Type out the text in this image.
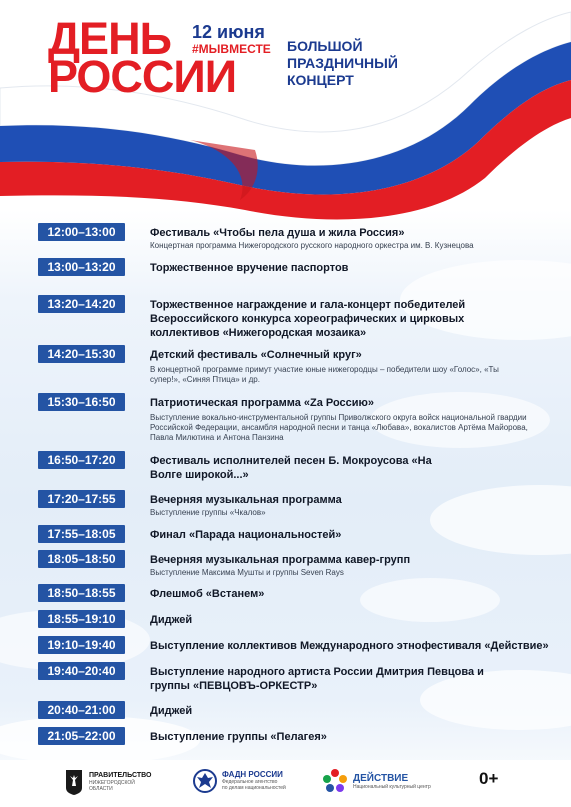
ДЕНЬ
РОССИИ
12 июня
#МЫВМЕСТЕ БОЛЬШОЙ
ПРАЗДНИЧНЫЙ
КОНЦЕРТ
12:00–13:00	Фестиваль «Чтобы пела душа и жила Россия»
Концертная программа Нижегородского русского народного оркестра им. В. Кузнецова
13:00–13:20	Торжественное вручение паспортов
13:20–14:20	Торжественное награждение и гала-концерт победителей Всероссийского конкурса хореографических и цирковых коллективов «Нижегородская мозаика»
14:20–15:30	Детский фестиваль «Солнечный круг»
В концертной программе примут участие юные нижегородцы – победители шоу «Голос», «Ты супер!», «Синяя Птица» и др.
15:30–16:50	Патриотическая программа «Zа Россию»
Выступление вокально-инструментальной группы Приволжского округа войск национальной гвардии Российской Федерации, ансамбля народной песни и танца «Любава», вокалистов Артёма Майорова, Павла Милютина и Антона Панзина
16:50–17:20	Фестиваль исполнителей песен Б. Мокроусова «На Волге широкой...»
17:20–17:55	Вечерняя музыкальная программа
Выступление группы «Чкалов»
17:55–18:05	Финал «Парада национальностей»
18:05–18:50	Вечерняя музыкальная программа кавер-групп
Выступление Максима Мушты и группы Seven Rays
18:50–18:55	Флешмоб «Встанем»
18:55–19:10	Диджей
19:10–19:40	Выступление коллективов Международного этнофестиваля «Действие»
19:40–20:40	Выступление народного артиста России Дмитрия Певцова и группы «ПЕВЦОВЪ-ОРКЕСТР»
20:40–21:00	Диджей
21:05–22:00	Выступление группы «Пелагея»
ПРАВИТЕЛЬСТВО
НИЖЕГОРОДСКОЙ
ОБЛАСТИ
ФАДН РОССИИ
Федеральное агентство
по делам национальностей
ДЕЙСТВИЕ
Национальный культурный центр	0+
